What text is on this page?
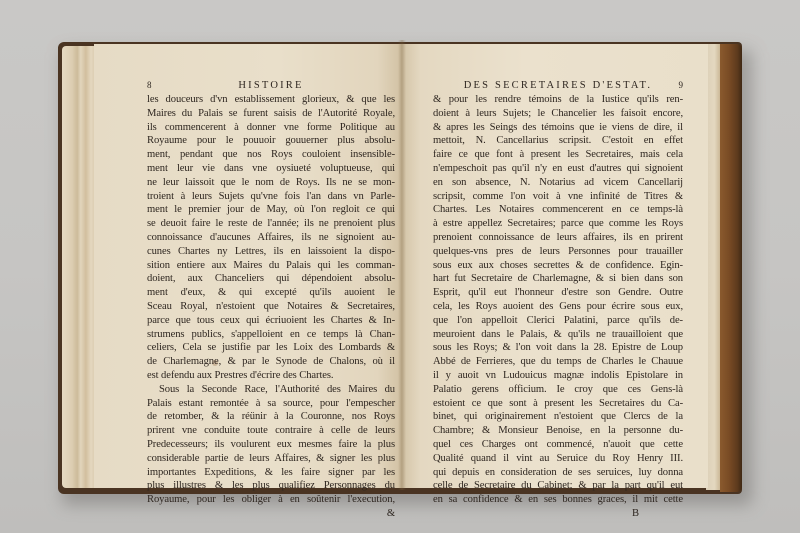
8	HISTOIRE
les douceurs d'vn establissement glorieux, & que les
Maires du Palais se furent saisis de l'Autorité Royale,
ils commencerent à donner vne forme Politique au
Royaume pour le pouuoir gouuerner plus absolu-
ment, pendant que nos Roys couloient insensible-
ment leur vie dans vne oysiueté voluptueuse, qui
ne leur laissoit que le nom de Roys. Ils ne se mon-
troient à leurs Sujets qu'vne fois l'an dans vn Parle-
ment le premier jour de May, où l'on regloit ce qui
se deuoit faire le reste de l'année; ils ne prenoient plus
connoissance d'aucunes Affaires, ils ne signoient au-
cunes Chartes ny Lettres, ils en laissoient la dispo-
sition entiere aux Maires du Palais qui les comman-
doient, aux Chanceliers qui dépendoient absolu-
ment d'eux, & qui excepté qu'ils auoient le
Sceau Royal, n'estoient que Notaires & Secretaires,
parce que tous ceux qui écriuoient les Chartes & In-
strumens publics, s'appelloient en ce temps là Chan-
celiers, Cela se justifie par les Loix des Lombards &
de Charlemagne, & par le Synode de Chalons, où il
est defendu aux Prestres d'écrire des Chartes.
Sous la Seconde Race, l'Authorité des Maires du
Palais estant remontée à sa source, pour l'empescher
de retomber, & la réünir à la Couronne, nos Roys
prirent vne conduite toute contraire à celle de leurs
Predecesseurs; ils voulurent eux mesmes faire la plus
considerable partie de leurs Affaires, & signer les plus
importantes Expeditions, & les faire signer par les
plus illustres & les plus qualifiez Personnages du
Royaume, pour les obliger à en soûtenir l'execution,
&
DES SECRETAIRES D'ESTAT.	9
& pour les rendre témoins de la Iustice qu'ils ren-
doient à leurs Sujets; le Chancelier les faisoit encore,
& apres les Seings des témoins que ie viens de dire, il
mettoit, N. Cancellarius scripsit. C'estoit en effet
faire ce que font à present les Secretaires, mais cela
n'empeschoit pas qu'il n'y en eust d'autres qui signoient
en son absence, N. Notarius ad vicem Cancellarij
scripsit, comme l'on voit à vne infinité de Titres &
Chartes. Les Notaires commencerent en ce temps-là
à estre appellez Secretaires; parce que comme les Roys
prenoient connoissance de leurs affaires, ils en prirent
quelques-vns pres de leurs Personnes pour trauailler
sous eux aux choses secrettes & de confidence. Egin-
hart fut Secretaire de Charlemagne, & si bien dans son
Esprit, qu'il eut l'honneur d'estre son Gendre. Outre
cela, les Roys auoient des Gens pour écrire sous eux,
que l'on appelloit Clerici Palatini, parce qu'ils de-
meuroient dans le Palais, & qu'ils ne trauailloient que
sous les Roys; & l'on voit dans la 28. Epistre de Loup
Abbé de Ferrieres, que du temps de Charles le Chauue
il y auoit vn Ludouicus magnæ indolis Epistolare in
Palatio gerens officium. Ie croy que ces Gens-là
estoient ce que sont à present les Secretaires du Ca-
binet, qui originairement n'estoient que Clercs de la
Chambre; & Monsieur Benoise, en la personne du-
quel ces Charges ont commencé, n'auoit que cette
Qualité quand il vint au Seruice du Roy Henry III.
qui depuis en consideration de ses seruices, luy donna
celle de Secretaire du Cabinet; & par la part qu'il eut
en sa confidence & en ses bonnes graces, il mit cette
B
